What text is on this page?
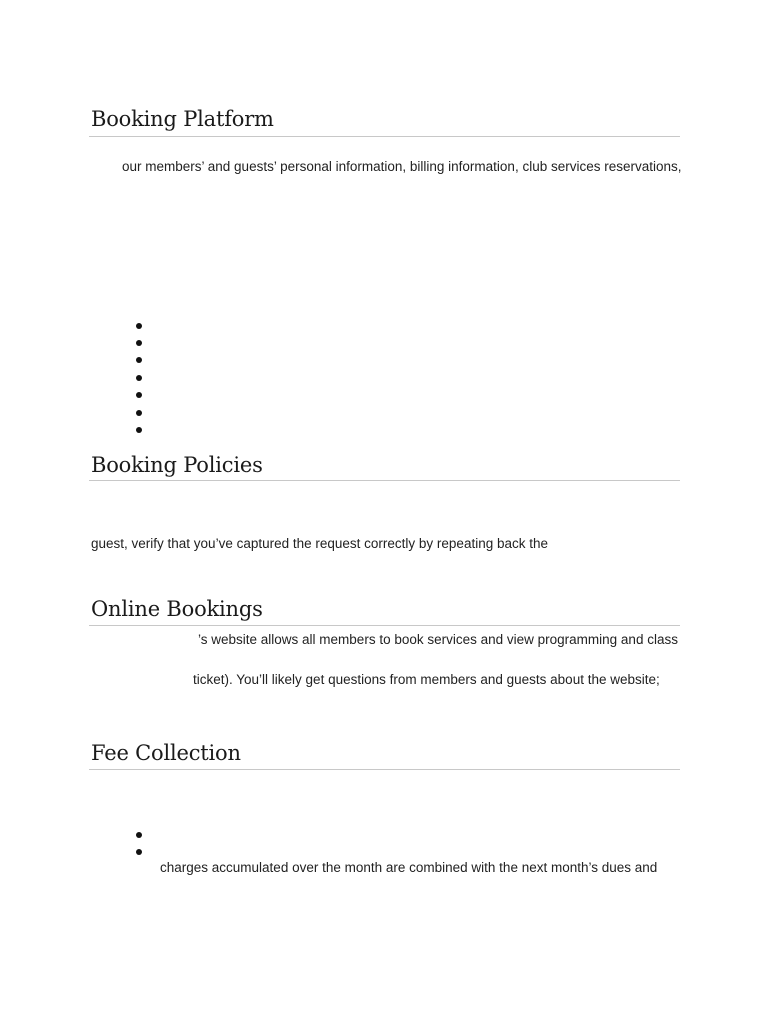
Booking Platform
our members’ and guests’ personal information, billing information, club services reservations,
Booking Policies
guest, verify that you’ve captured the request correctly by repeating back the
Online Bookings
’s website allows all members to book services and view programming and class
ticket). You’ll likely get questions from members and guests about the website;
Fee Collection
charges accumulated over the month are combined with the next month’s dues and
